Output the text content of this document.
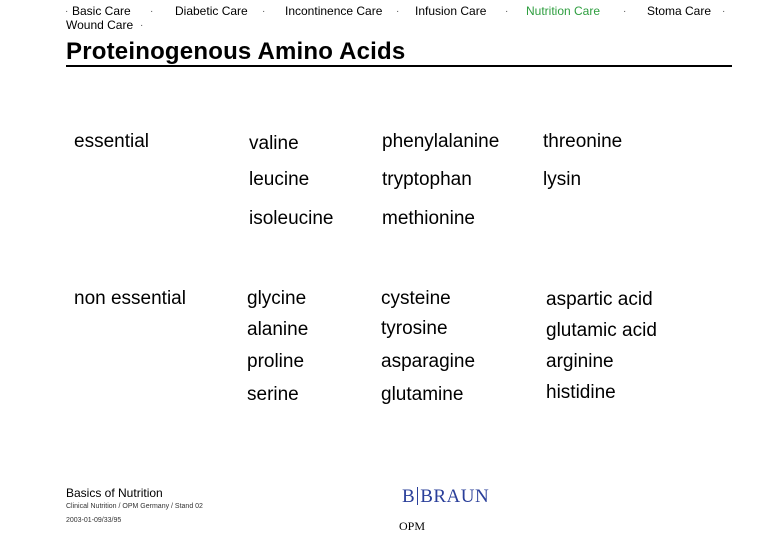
· Basic Care · Diabetic Care · Incontinence Care · Infusion Care · Nutrition Care · Stoma Care ·
Wound Care ·
Proteinogenous Amino Acids
essential	valine
leucine
isoleucine
phenylalanine
tryptophan
methionine
threonine
lysin
non essential	glycine
alanine
proline
serine
cysteine
tyrosine
asparagine
glutamine
aspartic acid
glutamic acid
arginine
histidine
Basics of Nutrition
Clinical Nutrition / OPM Germany / Stand 02
2003-01-09/33/95
B BRAUN
OPM
